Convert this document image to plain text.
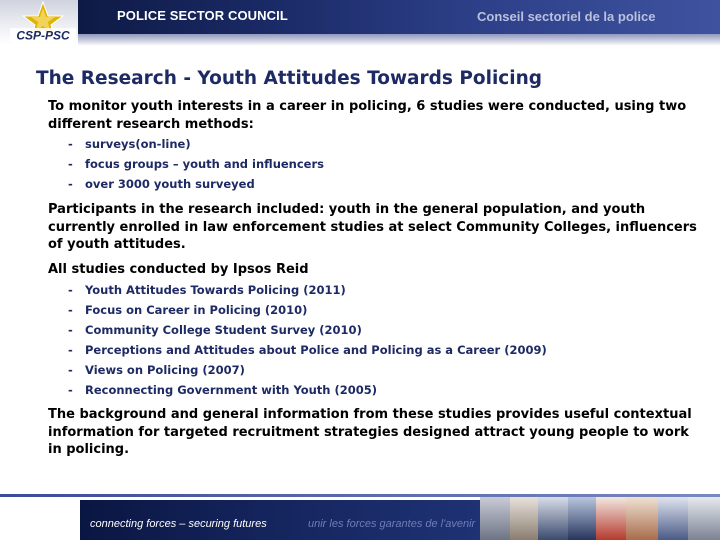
CSP-PSC
POLICE SECTOR COUNCIL	Conseil sectoriel de la police
The Research - Youth Attitudes Towards Policing
To monitor youth interests in a career in policing, 6 studies were conducted, using two different research methods:
- surveys(on-line)
- focus groups – youth and influencers
- over 3000 youth surveyed
Participants in the research included: youth in the general population, and youth currently enrolled in law enforcement studies at select Community Colleges, influencers of youth attitudes.
All studies conducted by Ipsos Reid
- Youth Attitudes Towards Policing (2011)
- Focus on Career in Policing (2010)
- Community College Student Survey (2010)
- Perceptions and Attitudes about Police and Policing as a Career (2009)
- Views on Policing (2007)
- Reconnecting Government with Youth (2005)
The background and general information from these studies provides useful contextual information for targeted recruitment strategies designed attract young people to work in policing.
connecting forces – securing futures	unir les forces garantes de l'avenir
